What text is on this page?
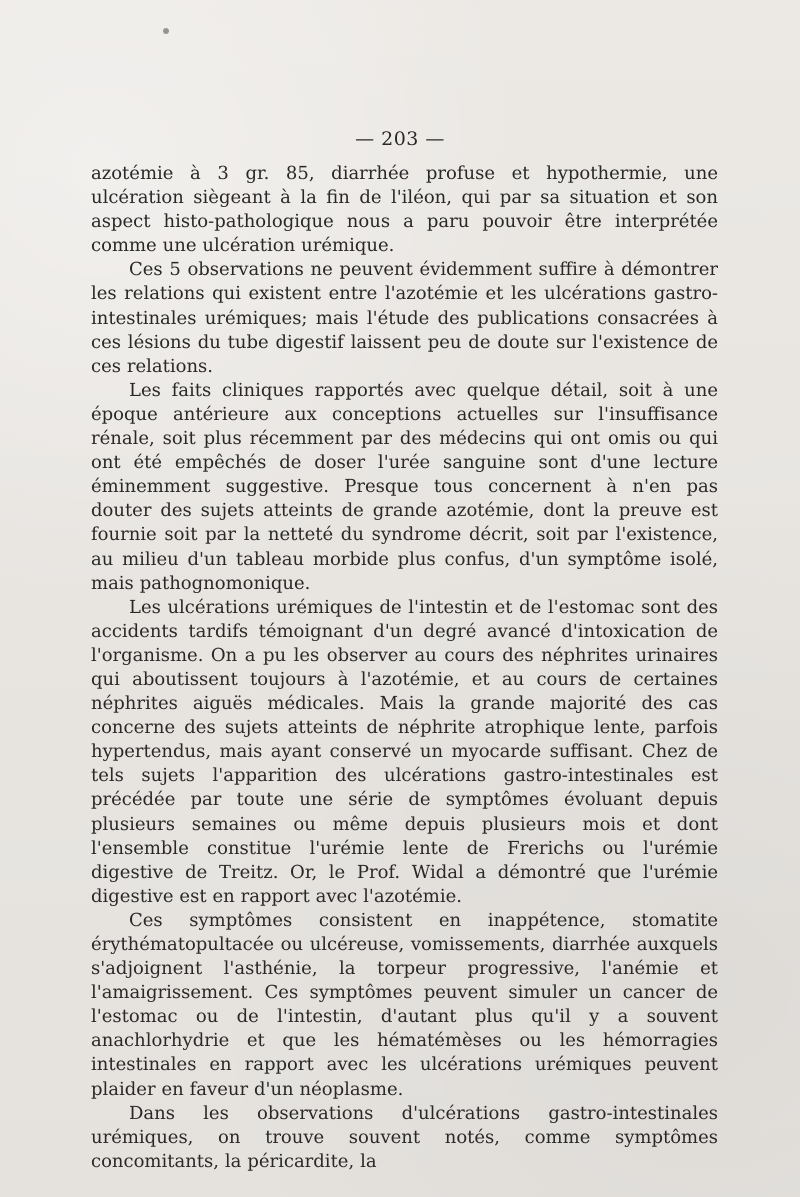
— 203 —

azotémie à 3 gr. 85, diarrhée profuse et hypothermie, une ulcération siègeant à la fin de l'iléon, qui par sa situation et son aspect histo-pathologique nous a paru pouvoir être interprétée comme une ulcération urémique.

Ces 5 observations ne peuvent évidemment suffire à démontrer les relations qui existent entre l'azotémie et les ulcérations gastro-intestinales urémiques; mais l'étude des publications consacrées à ces lésions du tube digestif laissent peu de doute sur l'existence de ces relations.

Les faits cliniques rapportés avec quelque détail, soit à une époque antérieure aux conceptions actuelles sur l'insuffisance rénale, soit plus récemment par des médecins qui ont omis ou qui ont été empêchés de doser l'urée sanguine sont d'une lecture éminemment suggestive. Presque tous concernent à n'en pas douter des sujets atteints de grande azotémie, dont la preuve est fournie soit par la netteté du syndrome décrit, soit par l'existence, au milieu d'un tableau morbide plus confus, d'un symptôme isolé, mais pathognomonique.

Les ulcérations urémiques de l'intestin et de l'estomac sont des accidents tardifs témoignant d'un degré avancé d'intoxication de l'organisme. On a pu les observer au cours des néphrites urinaires qui aboutissent toujours à l'azotémie, et au cours de certaines néphrites aiguës médicales. Mais la grande majorité des cas concerne des sujets atteints de néphrite atrophique lente, parfois hypertendus, mais ayant conservé un myocarde suffisant. Chez de tels sujets l'apparition des ulcérations gastro-intestinales est précédée par toute une série de symptômes évoluant depuis plusieurs semaines ou même depuis plusieurs mois et dont l'ensemble constitue l'urémie lente de Frerichs ou l'urémie digestive de Treitz. Or, le Prof. Widal a démontré que l'urémie digestive est en rapport avec l'azotémie.

Ces symptômes consistent en inappétence, stomatite érythématopultacée ou ulcéreuse, vomissements, diarrhée auxquels s'adjoignent l'asthénie, la torpeur progressive, l'anémie et l'amaigrissement. Ces symptômes peuvent simuler un cancer de l'estomac ou de l'intestin, d'autant plus qu'il y a souvent anachlorhydrie et que les hématémèses ou les hémorragies intestinales en rapport avec les ulcérations urémiques peuvent plaider en faveur d'un néoplasme.

Dans les observations d'ulcérations gastro-intestinales urémiques, on trouve souvent notés, comme symptômes concomitants, la péricardite, la
